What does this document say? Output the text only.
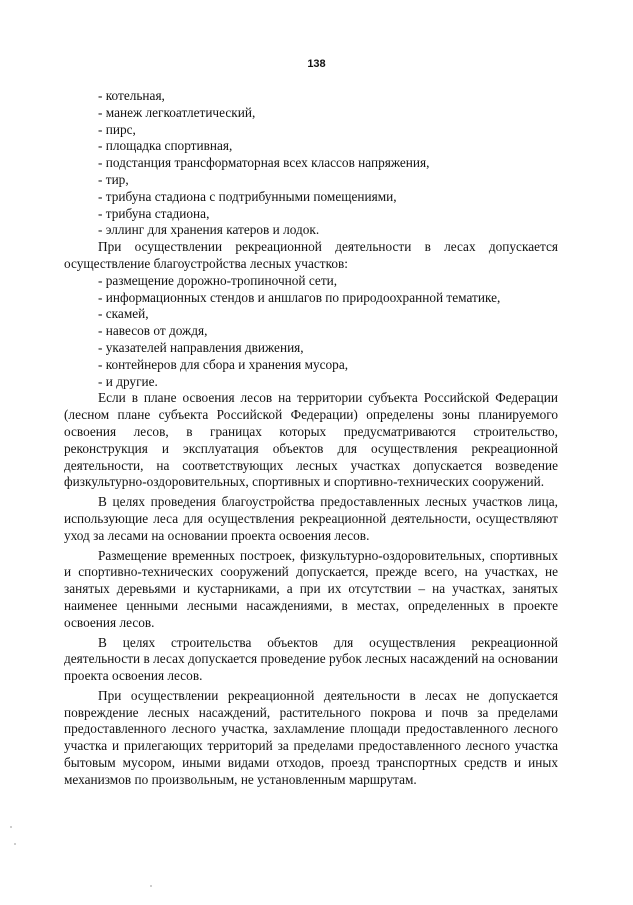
138
- котельная,
- манеж легкоатлетический,
- пирс,
- площадка спортивная,
- подстанция трансформаторная всех классов напряжения,
- тир,
- трибуна стадиона с подтрибунными помещениями,
- трибуна стадиона,
- эллинг для хранения катеров и лодок.
При осуществлении рекреационной деятельности в лесах допускается осуществление благоустройства лесных участков:
- размещение дорожно-тропиночной сети,
- информационных стендов и аншлагов по природоохранной тематике,
- скамей,
- навесов от дождя,
- указателей направления движения,
- контейнеров для сбора и хранения мусора,
- и другие.
Если в плане освоения лесов на территории субъекта Российской Федерации (лесном плане субъекта Российской Федерации) определены зоны планируемого освоения лесов, в границах которых предусматриваются строительство, реконструкция и эксплуатация объектов для осуществления рекреационной деятельности, на соответствующих лесных участках допускается возведение физкультурно-оздоровительных, спортивных и спортивно-технических сооружений.
В целях проведения благоустройства предоставленных лесных участков лица, использующие леса для осуществления рекреационной деятельности, осуществляют уход за лесами на основании проекта освоения лесов.
Размещение временных построек, физкультурно-оздоровительных, спортивных и спортивно-технических сооружений допускается, прежде всего, на участках, не занятых деревьями и кустарниками, а при их отсутствии – на участках, занятых наименее ценными лесными насаждениями, в местах, определенных в проекте освоения лесов.
В целях строительства объектов для осуществления рекреационной деятельности в лесах допускается проведение рубок лесных насаждений на основании проекта освоения лесов.
При осуществлении рекреационной деятельности в лесах не допускается повреждение лесных насаждений, растительного покрова и почв за пределами предоставленного лесного участка, захламление площади предоставленного лесного участка и прилегающих территорий за пределами предоставленного лесного участка бытовым мусором, иными видами отходов, проезд транспортных средств и иных механизмов по произвольным, не установленным маршрутам.
